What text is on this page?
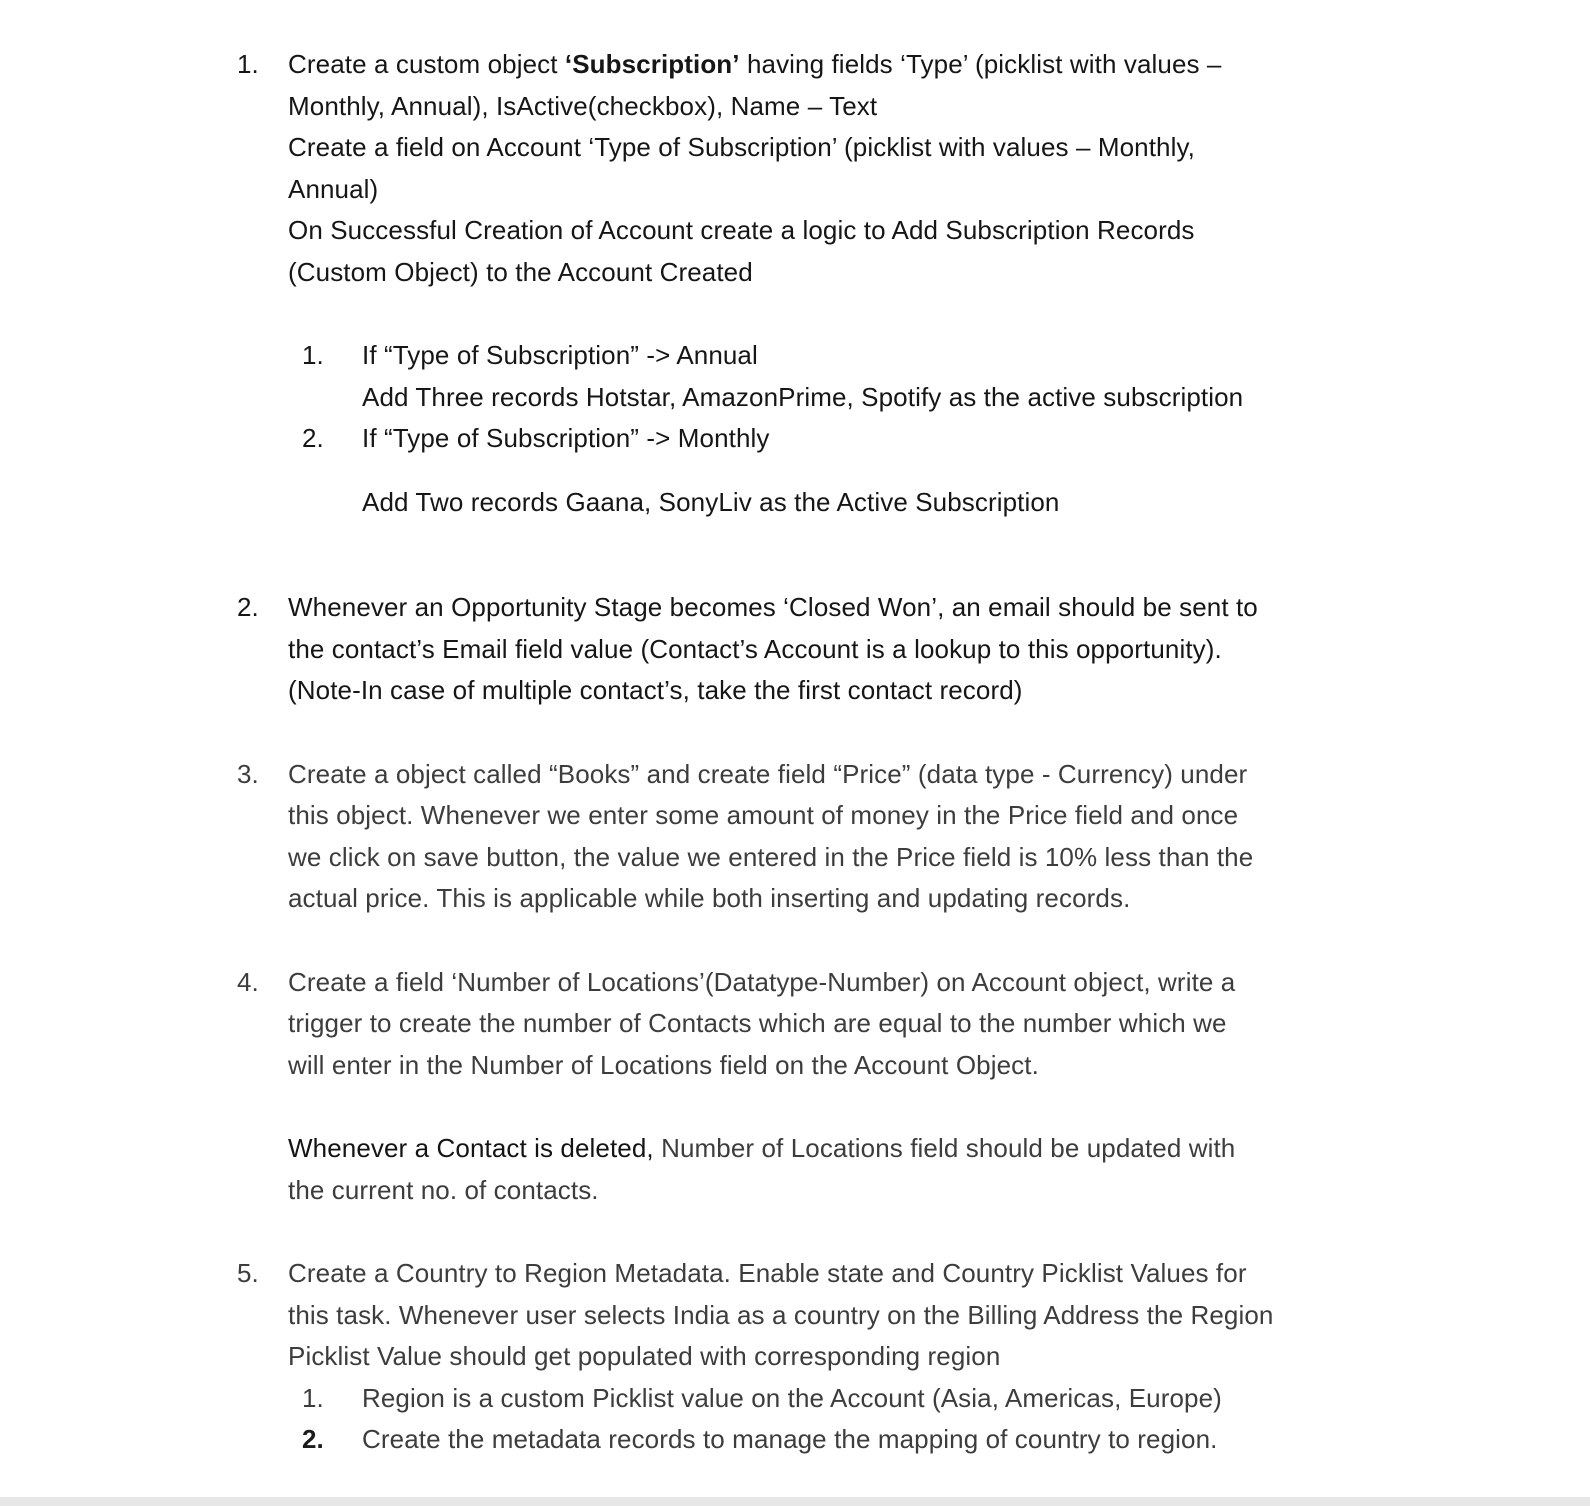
1.	Create a custom object ‘Subscription’ having fields ‘Type’ (picklist with values –
Monthly, Annual), IsActive(checkbox), Name – Text
Create a field on Account ‘Type of Subscription’ (picklist with values – Monthly,
Annual)
On Successful Creation of Account create a logic to Add Subscription Records
(Custom Object) to the Account Created
1.	If “Type of Subscription” -> Annual
Add Three records Hotstar, AmazonPrime, Spotify as the active subscription
2.	If “Type of Subscription” -> Monthly
Add Two records Gaana, SonyLiv as the Active Subscription
2.	Whenever an Opportunity Stage becomes ‘Closed Won’, an email should be sent to
the contact’s Email field value (Contact’s Account is a lookup to this opportunity).
(Note-In case of multiple contact’s, take the first contact record)
3.	Create a object called “Books” and create field “Price” (data type - Currency) under
this object. Whenever we enter some amount of money in the Price field and once
we click on save button, the value we entered in the Price field is 10% less than the
actual price. This is applicable while both inserting and updating records.
4.	Create a field ‘Number of Locations’(Datatype-Number) on Account object, write a
trigger to create the number of Contacts which are equal to the number which we
will enter in the Number of Locations field on the Account Object.
Whenever a Contact is deleted, Number of Locations field should be updated with
the current no. of contacts.
5.	Create a Country to Region Metadata. Enable state and Country Picklist Values for
this task. Whenever user selects India as a country on the Billing Address the Region
Picklist Value should get populated with corresponding region
1.	Region is a custom Picklist value on the Account (Asia, Americas, Europe)
2.	Create the metadata records to manage the mapping of country to region.
